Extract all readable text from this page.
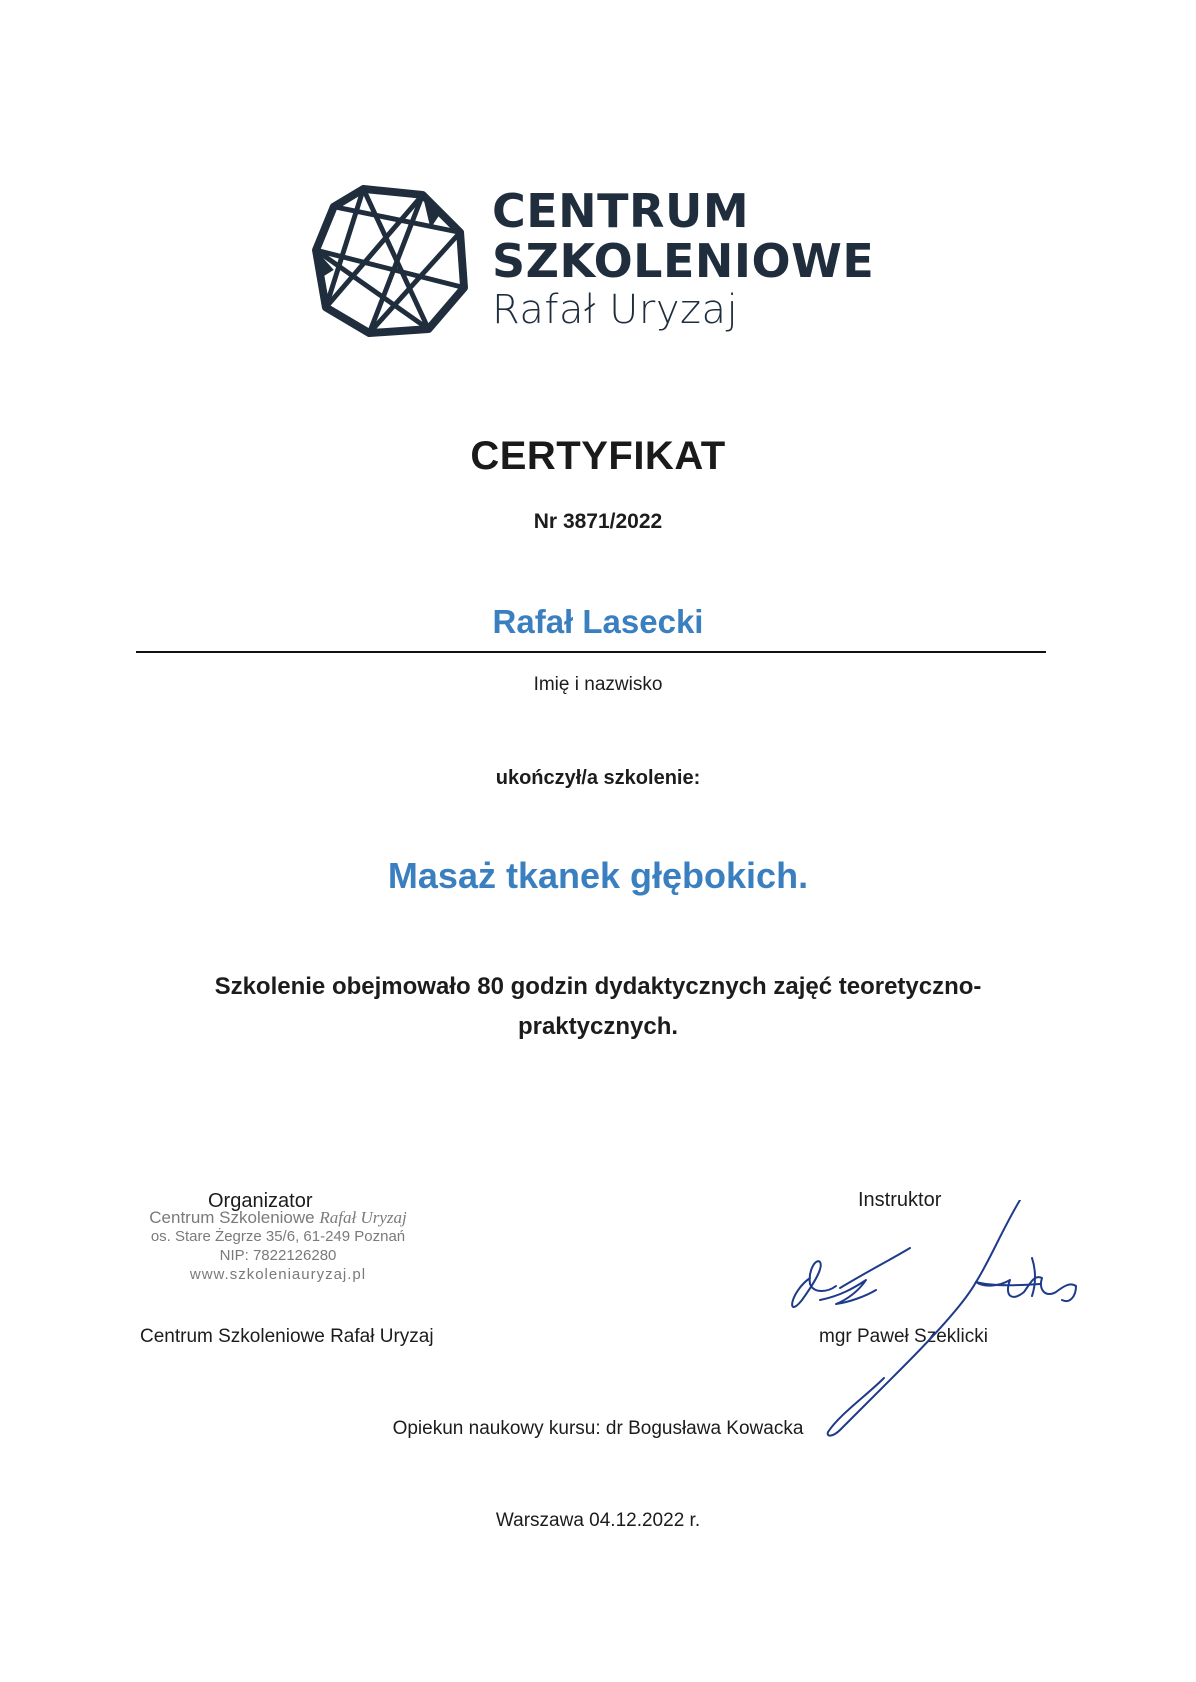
CENTRUM
SZKOLENIOWE
Rafał Uryzaj
CERTYFIKAT
Nr 3871/2022
Rafał Lasecki
Imię i nazwisko
ukończył/a szkolenie:
Masaż tkanek głębokich.
Szkolenie obejmowało 80 godzin dydaktycznych zajęć teoretyczno-
praktycznych.
Organizator
Centrum Szkoleniowe Rafał Uryzaj
os. Stare Żegrze 35/6, 61-249 Poznań
NIP: 7822126280
www.szkoleniauryzaj.pl
Centrum Szkoleniowe Rafał Uryzaj
Instruktor
mgr Paweł Szeklicki
Opiekun naukowy kursu: dr Bogusława Kowacka
Warszawa 04.12.2022 r.
